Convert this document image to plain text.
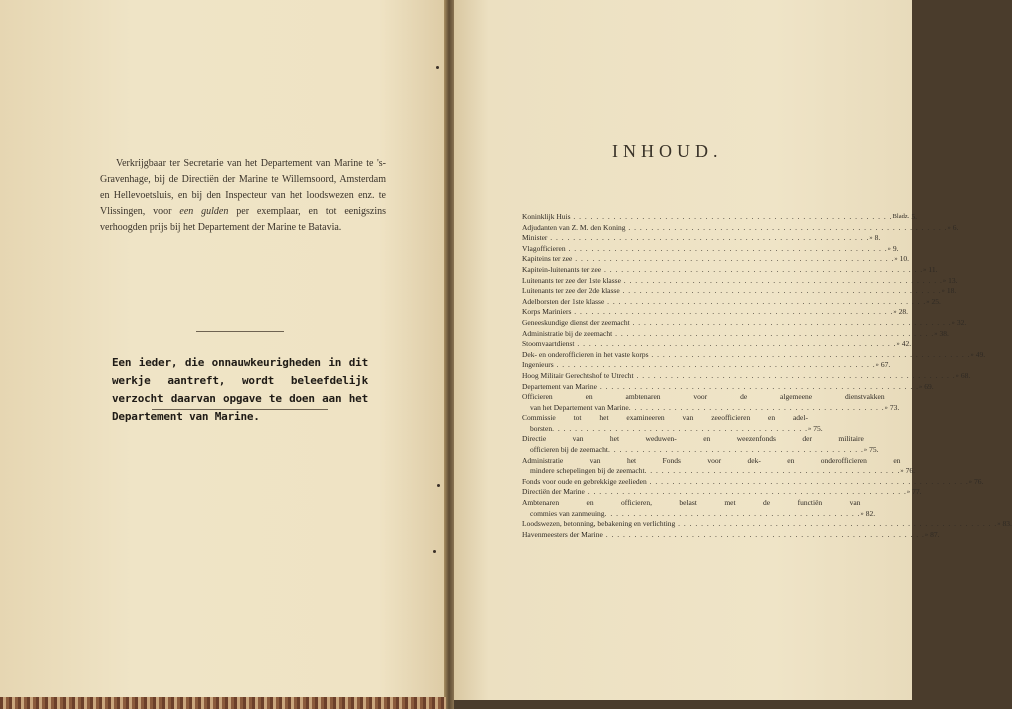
Verkrijgbaar ter Secretarie van het Departement van Marine te 's-Gravenhage, bij de Directiën der Marine te Willemsoord, Amsterdam en Hellevoetsluis, en bij den Inspecteur van het loodswezen enz. te Vlissingen, voor een gulden per exemplaar, en tot eenigszins verhoogden prijs bij het Departement der Marine te Batavia.
Een ieder, die onnauwkeurigheden in dit werkje aantreft, wordt beleefdelijk verzocht daarvan opgave te doen aan het Departement van Marine.
INHOUD.
Koninklijk Huis . . .	Bladz. 5.
Adjudanten van Z. M. den Koning . . .	» 6.
Minister . . .	» 8.
Vlagofficieren . . .	» 9.
Kapiteins ter zee . . .	» 10.
Kapitein-luitenants ter zee . . .	» 11.
Luitenants ter zee der 1ste klasse . . .	» 13.
Luitenants ter zee der 2de klasse . . .	» 18.
Adelborsten der 1ste klasse . . .	» 25.
Korps Mariniers . . .	» 28.
Geneeskundige dienst der zeemacht . . .	» 32.
Administratie bij de zeemacht . . .	» 38.
Stoomvaartdienst . . .	» 42.
Dek- en onderofficieren in het vaste korps . . .	» 49.
Ingenieurs . . .	» 67.
Hoog Militair Gerechtshof te Utrecht . . .	» 68.
Departement van Marine . . .	» 69.
Officieren en ambtenaren voor de algemeene dienstvakken
van het Departement van Marine . . .	» 73.
Commissie tot het examineeren van zeeofficieren en adel-
borsten . . .	» 75.
Directie van het weduwen- en weezenfonds der militaire
officieren bij de zeemacht . . .	» 75.
Administratie van het Fonds voor dek- en onderofficieren en
mindere schepelingen bij de zeemacht . . .	» 76.
Fonds voor oude en gebrekkige zeelieden . . .	» 76.
Directiën der Marine . . .	» 77.
Ambtenaren en officieren, belast met de functiën van
commies van zanmeuing . . .	» 82.
Loodswezen, betonning, bebakening en verlichting . . .	» 83.
Havenmeesters der Marine . . .	» 87.
